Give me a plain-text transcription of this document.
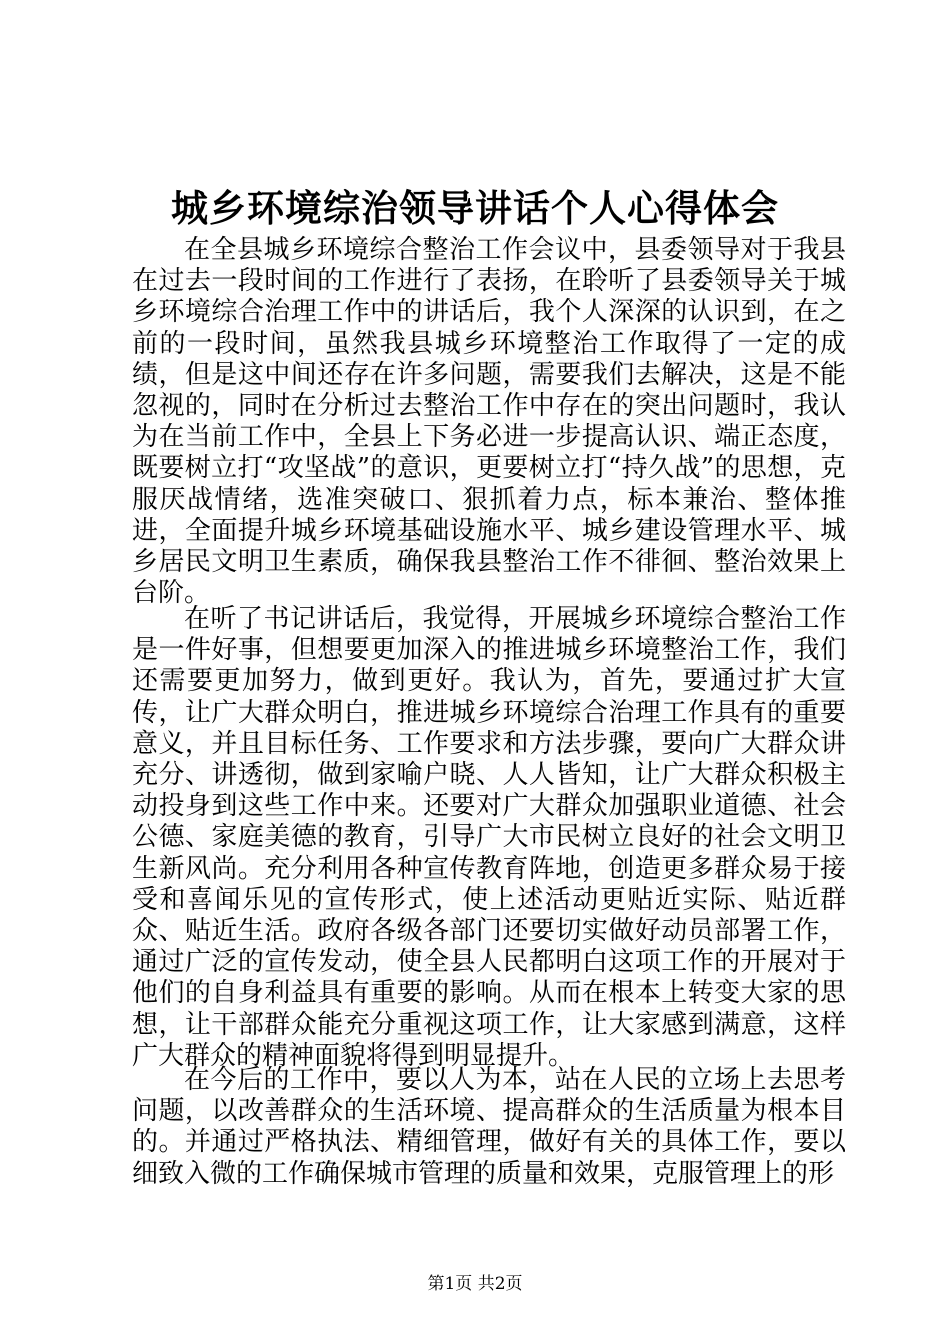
城乡环境综治领导讲话个人心得体会

在全县城乡环境综合整治工作会议中，县委领导对于我县在过去一段时间的工作进行了表扬，在聆听了县委领导关于城乡环境综合治理工作中的讲话后，我个人深深的认识到，在之前的一段时间，虽然我县城乡环境整治工作取得了一定的成绩，但是这中间还存在许多问题，需要我们去解决，这是不能忽视的，同时在分析过去整治工作中存在的突出问题时，我认为在当前工作中，全县上下务必进一步提高认识、端正态度，既要树立打“攻坚战”的意识，更要树立打“持久战”的思想，克服厌战情绪，选准突破口、狠抓着力点，标本兼治、整体推进，全面提升城乡环境基础设施水平、城乡建设管理水平、城乡居民文明卫生素质，确保我县整治工作不徘徊、整治效果上台阶。

在听了书记讲话后，我觉得，开展城乡环境综合整治工作是一件好事，但想要更加深入的推进城乡环境整治工作，我们还需要更加努力，做到更好。我认为，首先，要通过扩大宣传，让广大群众明白，推进城乡环境综合治理工作具有的重要意义，并且目标任务、工作要求和方法步骤，要向广大群众讲充分、讲透彻，做到家喻户晓、人人皆知，让广大群众积极主动投身到这些工作中来。还要对广大群众加强职业道德、社会公德、家庭美德的教育，引导广大市民树立良好的社会文明卫生新风尚。充分利用各种宣传教育阵地，创造更多群众易于接受和喜闻乐见的宣传形式，使上述活动更贴近实际、贴近群众、贴近生活。政府各级各部门还要切实做好动员部署工作，通过广泛的宣传发动，使全县人民都明白这项工作的开展对于他们的自身利益具有重要的影响。从而在根本上转变大家的思想，让干部群众能充分重视这项工作，让大家感到满意，这样广大群众的精神面貌将得到明显提升。

在今后的工作中，要以人为本，站在人民的立场上去思考问题，以改善群众的生活环境、提高群众的生活质量为根本目的。并通过严格执法、精细管理，做好有关的具体工作，要以细致入微的工作确保城市管理的质量和效果，克服管理上的形

第1页 共2页
